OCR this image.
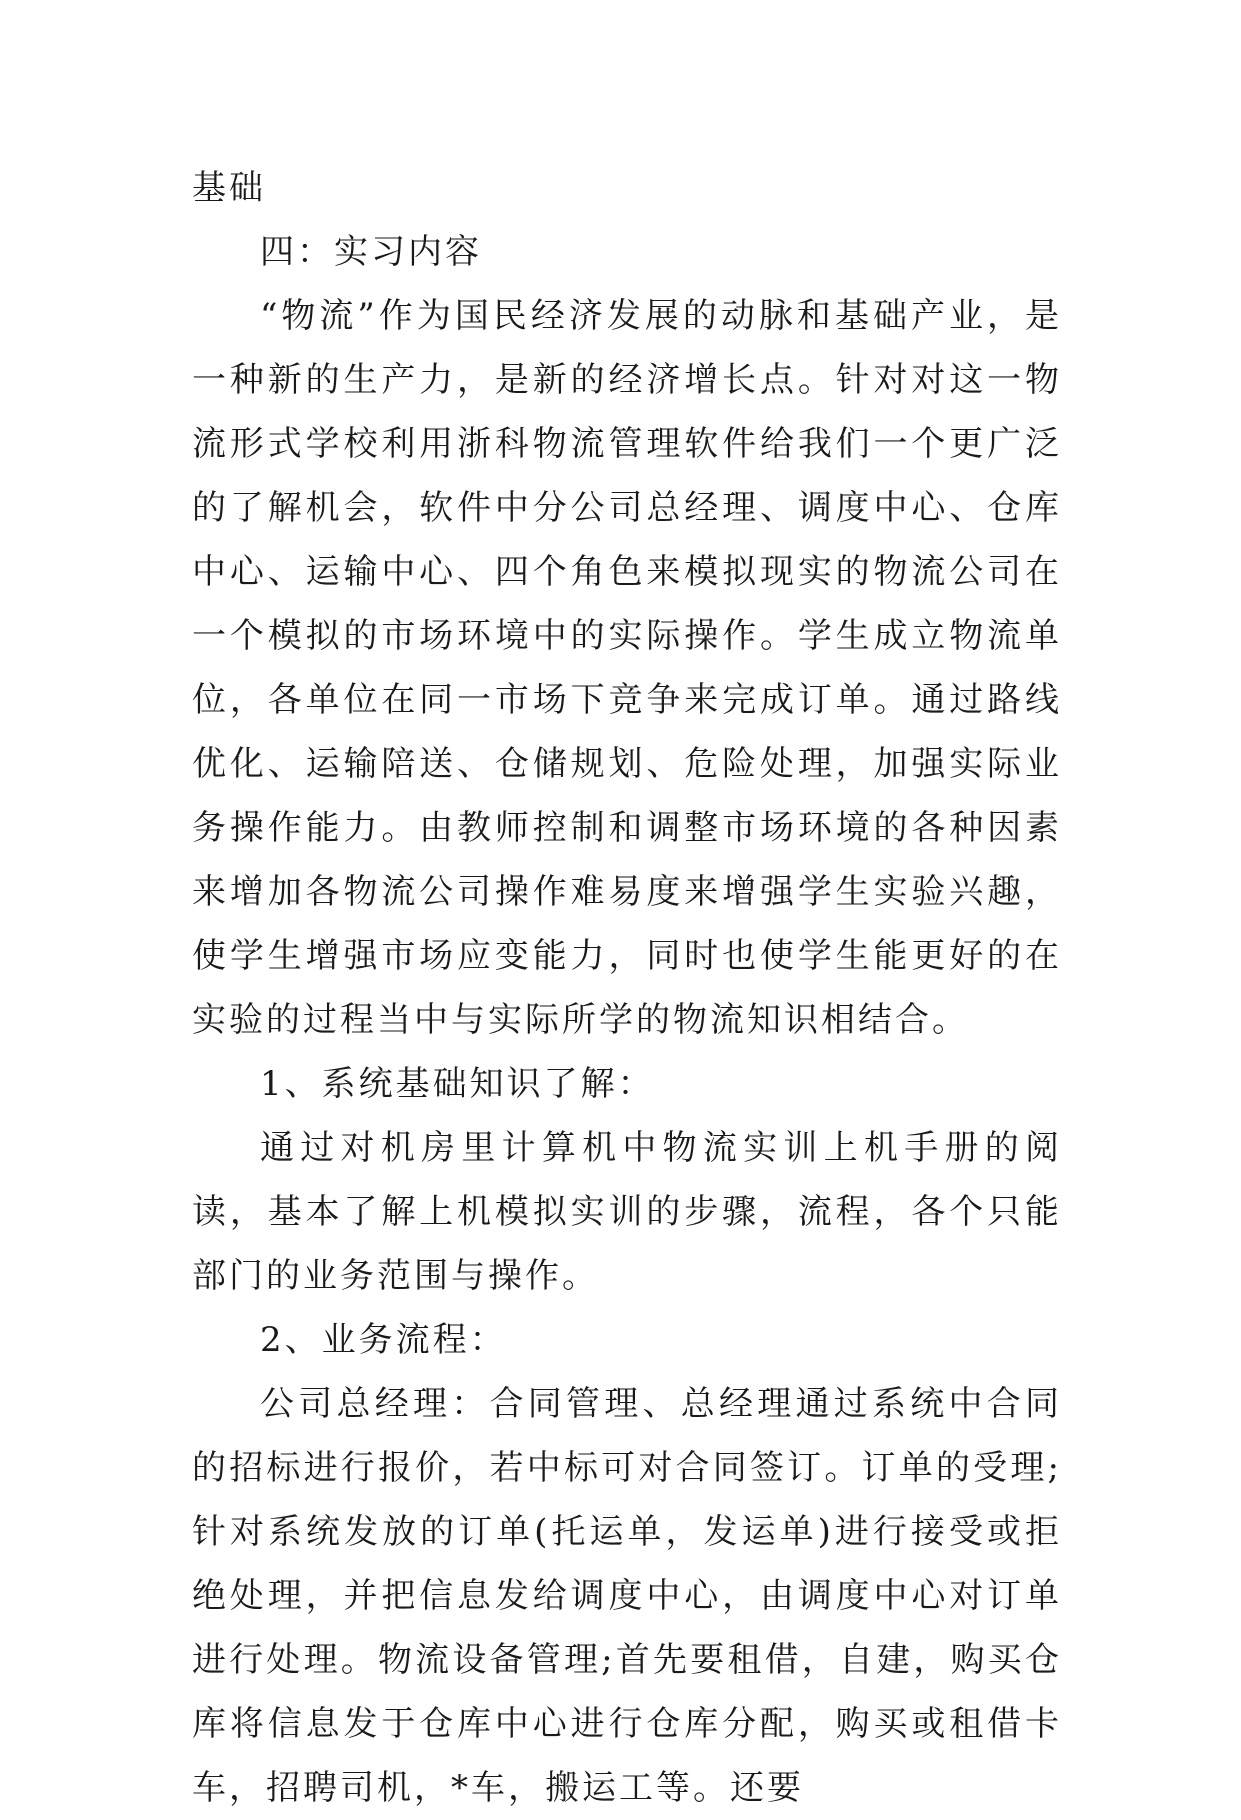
基础

四：实习内容

“物流”作为国民经济发展的动脉和基础产业，是一种新的生产力，是新的经济增长点。针对对这一物流形式学校利用浙科物流管理软件给我们一个更广泛的了解机会，软件中分公司总经理、调度中心、仓库中心、运输中心、四个角色来模拟现实的物流公司在一个模拟的市场环境中的实际操作。学生成立物流单位，各单位在同一市场下竞争来完成订单。通过路线优化、运输陪送、仓储规划、危险处理，加强实际业务操作能力。由教师控制和调整市场环境的各种因素来增加各物流公司操作难易度来增强学生实验兴趣，使学生增强市场应变能力，同时也使学生能更好的在实验的过程当中与实际所学的物流知识相结合。

1、系统基础知识了解：

通过对机房里计算机中物流实训上机手册的阅读，基本了解上机模拟实训的步骤，流程，各个只能部门的业务范围与操作。

2、业务流程：

公司总经理：合同管理、总经理通过系统中合同的招标进行报价，若中标可对合同签订。订单的受理;针对系统发放的订单(托运单，发运单)进行接受或拒绝处理，并把信息发给调度中心，由调度中心对订单进行处理。物流设备管理;首先要租借，自建，购买仓库将信息发于仓库中心进行仓库分配，购买或租借卡车，招聘司机，*车，搬运工等。还要
